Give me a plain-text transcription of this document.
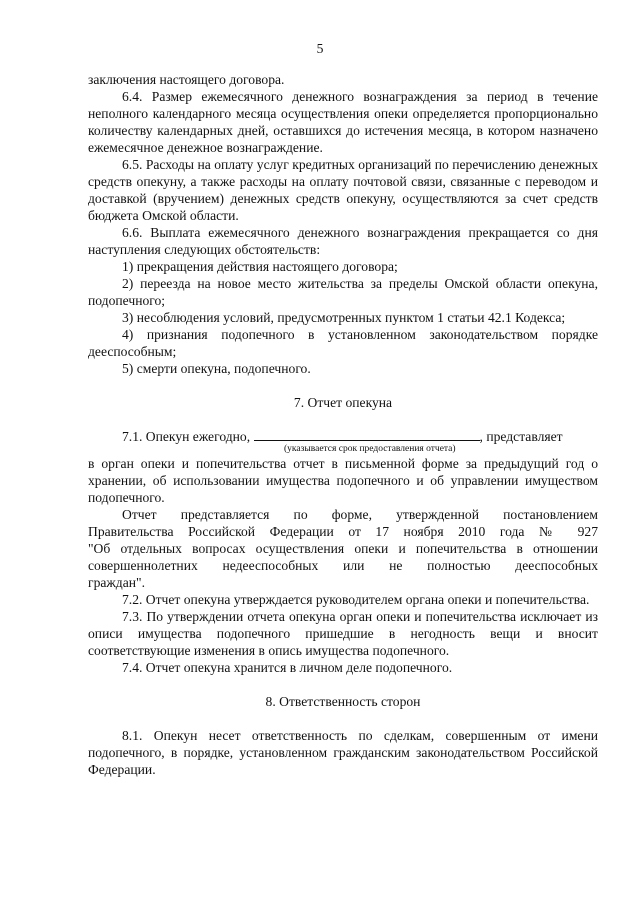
5

заключения настоящего договора.

6.4. Размер ежемесячного денежного вознаграждения за период в течение неполного календарного месяца осуществления опеки определяется пропорционально количеству календарных дней, оставшихся до истечения месяца, в котором назначено ежемесячное денежное вознаграждение.

6.5. Расходы на оплату услуг кредитных организаций по перечислению денежных средств опекуну, а также расходы на оплату почтовой связи, связанные с переводом и доставкой (вручением) денежных средств опекуну, осуществляются за счет средств бюджета Омской области.

6.6. Выплата ежемесячного денежного вознаграждения прекращается со дня наступления следующих обстоятельств:

1) прекращения действия настоящего договора;

2) переезда на новое место жительства за пределы Омской области опекуна, подопечного;

3) несоблюдения условий, предусмотренных пунктом 1 статьи 42.1 Кодекса;

4) признания подопечного в установленном законодательством порядке дееспособным;

5) смерти опекуна, подопечного.

7. Отчет опекуна

7.1. Опекун ежегодно,	, представляет

(указывается срок предоставления отчета)

в орган опеки и попечительства отчет в письменной форме за предыдущий год о хранении, об использовании имущества подопечного и об управлении имуществом подопечного.

Отчет представляется по форме, утвержденной постановлением
Правительства Российской Федерации от 17 ноября 2010 года № 927
"Об отдельных вопросах осуществления опеки и попечительства в отношении
совершеннолетних недееспособных или не полностью дееспособных
граждан".

7.2. Отчет опекуна утверждается руководителем органа опеки и попечительства.

7.3. По утверждении отчета опекуна орган опеки и попечительства исключает из описи имущества подопечного пришедшие в негодность вещи и вносит соответствующие изменения в опись имущества подопечного.

7.4. Отчет опекуна хранится в личном деле подопечного.

8. Ответственность сторон

8.1. Опекун несет ответственность по сделкам, совершенным от имени подопечного, в порядке, установленном гражданским законодательством Российской Федерации.
